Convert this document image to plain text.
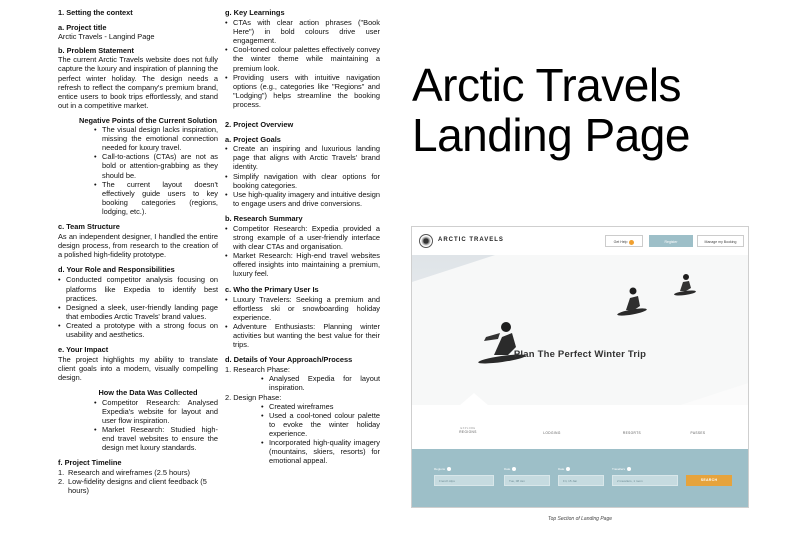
1. Setting the context
a. Project title
Arctic Travels - Langind Page
b. Problem Statement
The current Arctic Travels website does not fully capture the luxury and inspiration of planning the perfect winter holiday. The design needs a refresh to reflect the company's premium brand, entice users to book trips effortlessly, and stand out in a competitive market.
Negative Points of the Current Solution
• The visual design lacks inspiration, missing the emotional connection needed for luxury travel.
• Call-to-actions (CTAs) are not as bold or attention-grabbing as they should be.
• The current layout doesn't effectively guide users to key booking categories (regions, lodging, etc.).
c. Team Structure
As an independent designer, I handled the entire design process, from research to the creation of a polished high-fidelity prototype.
d. Your Role and Responsibilities
• Conducted competitor analysis focusing on platforms like Expedia to identify best practices.
• Designed a sleek, user-friendly landing page that embodies Arctic Travels' brand values.
• Created a prototype with a strong focus on usability and aesthetics.
e. Your Impact
The project highlights my ability to translate client goals into a modern, visually compelling design.
How the Data Was Collected
• Competitor Research: Analysed Expedia's website for layout and user flow inspiration.
• Market Research: Studied high-end travel websites to ensure the design met luxury standards.
f. Project Timeline
1. Research and wireframes (2.5 hours)
2. Low-fidelity designs and client feedback (5 hours)
g. Key Learnings
• CTAs with clear action phrases ("Book Here") in bold colours drive user engagement.
• Cool-toned colour palettes effectively convey the winter theme while maintaining a premium look.
• Providing users with intuitive navigation options (e.g., categories like "Regions" and "Lodging") helps streamline the booking process.
2. Project Overview
a. Project Goals
• Create an inspiring and luxurious landing page that aligns with Arctic Travels' brand identity.
• Simplify navigation with clear options for booking categories.
• Use high-quality imagery and intuitive design to engage users and drive conversions.
b. Research Summary
• Competitor Research: Expedia provided a strong example of a user-friendly interface with clear CTAs and organisation.
• Market Research: High-end travel websites offered insights into maintaining a premium, luxury feel.
c. Who the Primary User Is
• Luxury Travelers: Seeking a premium and effortless ski or snowboarding holiday experience.
• Adventure Enthusiasts: Planning winter activities but wanting the best value for their trips.
d. Details of Your Approach/Process
1. Research Phase:
• Analysed Expedia for layout inspiration.
2. Design Phase:
• Created wireframes
• Used a cool-toned colour palette to evoke the winter holiday experience.
• Incorporated high-quality imagery (mountains, skiers, resorts) for emotional appeal.
Arctic Travels
Landing Page
ARCTIC TRAVELS	Get Help	Register	Manage my Booking
Plan The Perfect Winter Trip
EXPLORE
REGIONS	LODGING	RESORTS	PASSES
Regions	Date	Date	Travellers
French Alps	Tue, 08 Jan	Fri, 15 Jan	2 travellers, 1 room	SEARCH
Top Section of Landing Page
